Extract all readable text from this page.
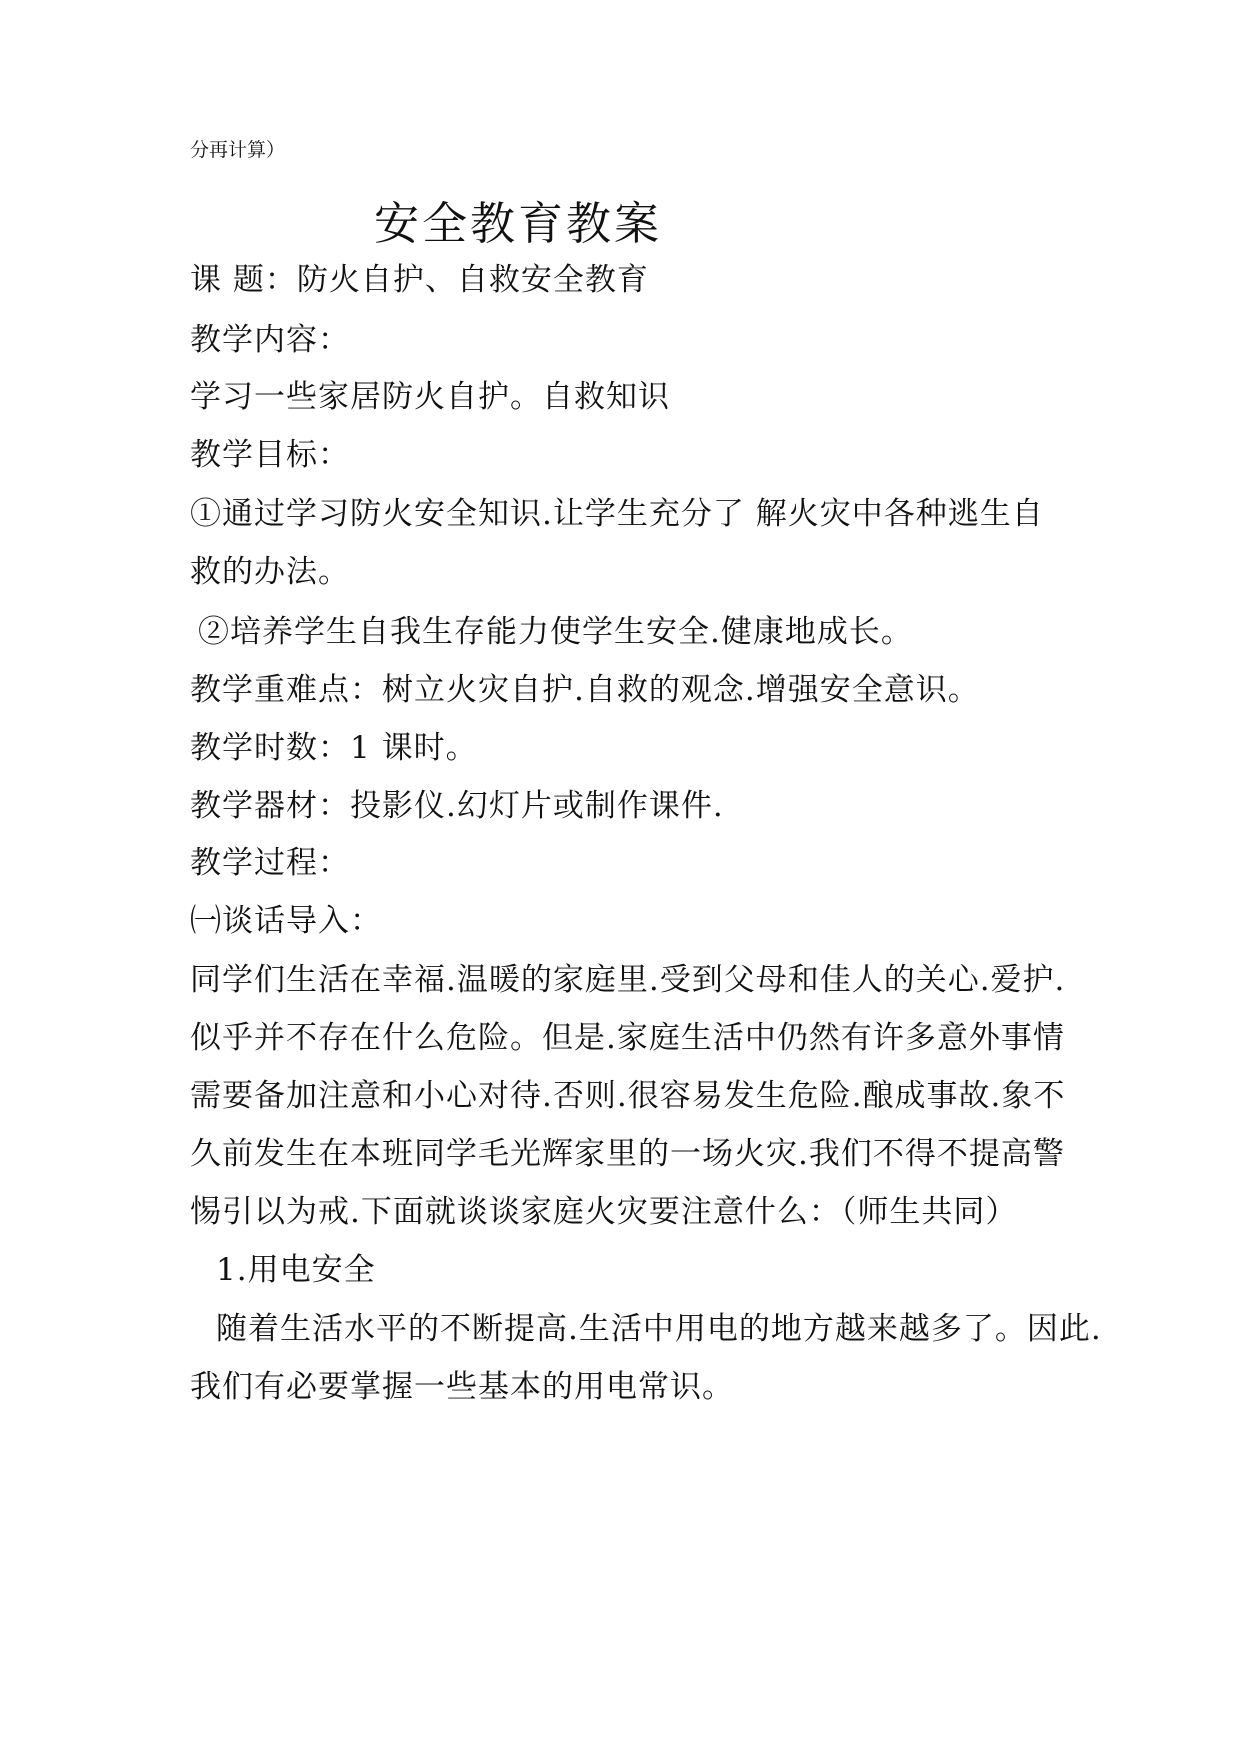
分再计算）
安全教育教案
课 题：防火自护、自救安全教育
教学内容：
学习一些家居防火自护。自救知识
教学目标：
①通过学习防火安全知识.让学生充分了 解火灾中各种逃生自
救的办法。
②培养学生自我生存能力使学生安全.健康地成长。
教学重难点：树立火灾自护.自救的观念.增强安全意识。
教学时数：1 课时。
教学器材：投影仪.幻灯片或制作课件.
教学过程：
㈠谈话导入：
同学们生活在幸福.温暖的家庭里.受到父母和佳人的关心.爱护.
似乎并不存在什么危险。但是.家庭生活中仍然有许多意外事情
需要备加注意和小心对待.否则.很容易发生危险.酿成事故.象不
久前发生在本班同学毛光辉家里的一场火灾.我们不得不提高警
惕引以为戒.下面就谈谈家庭火灾要注意什么：（师生共同）
1.用电安全
随着生活水平的不断提高.生活中用电的地方越来越多了。因此.
我们有必要掌握一些基本的用电常识。
